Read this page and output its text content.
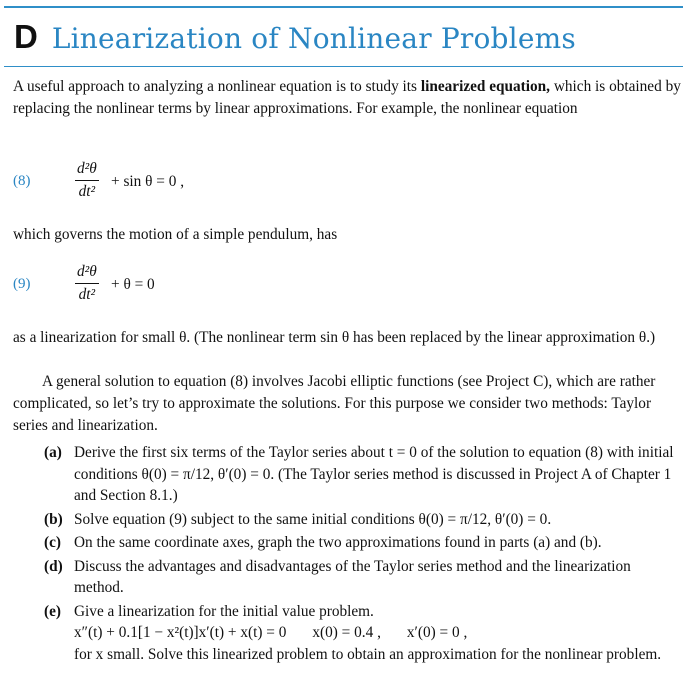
D Linearization of Nonlinear Problems
A useful approach to analyzing a nonlinear equation is to study its linearized equation, which is obtained by replacing the nonlinear terms by linear approximations. For example, the nonlinear equation
(8)
d²θ
dt²
+ sin θ = 0 ,
which governs the motion of a simple pendulum, has
(9)
d²θ
dt²
+ θ = 0
as a linearization for small θ. (The nonlinear term sin θ has been replaced by the linear approximation θ.)
A general solution to equation (8) involves Jacobi elliptic functions (see Project C), which are rather complicated, so let’s try to approximate the solutions. For this purpose we consider two methods: Taylor series and linearization.
(a) Derive the first six terms of the Taylor series about t = 0 of the solution to equation (8) with initial conditions θ(0) = π/12, θ′(0) = 0. (The Taylor series method is discussed in Project A of Chapter 1 and Section 8.1.)
(b) Solve equation (9) subject to the same initial conditions θ(0) = π/12, θ′(0) = 0.
(c) On the same coordinate axes, graph the two approximations found in parts (a) and (b).
(d) Discuss the advantages and disadvantages of the Taylor series method and the linearization method.
(e) Give a linearization for the initial value problem.
x″(t) + 0.1[1 − x²(t)]x′(t) + x(t) = 0 x(0) = 0.4 , x′(0) = 0 ,
for x small. Solve this linearized problem to obtain an approximation for the nonlinear problem.
